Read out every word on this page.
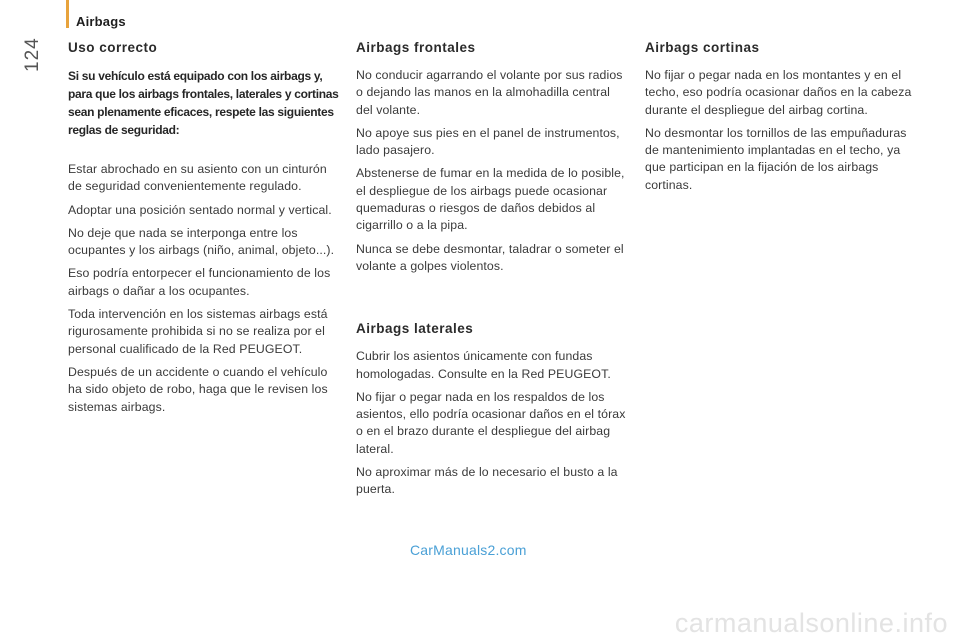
Airbags
124 Uso correcto
Si su vehículo está equipado con los airbags y, para que los airbags frontales, laterales y cortinas sean plenamente eficaces, respete las siguientes reglas de seguridad:

Estar abrochado en su asiento con un cinturón de seguridad convenientemente regulado.

Adoptar una posición sentado normal y vertical.

No deje que nada se interponga entre los ocupantes y los airbags (niño, animal, objeto...).

Eso podría entorpecer el funcionamiento de los airbags o dañar a los ocupantes.

Toda intervención en los sistemas airbags está rigurosamente prohibida si no se realiza por el personal cualificado de la Red PEUGEOT.

Después de un accidente o cuando el vehículo ha sido objeto de robo, haga que le revisen los sistemas airbags.

Airbags frontales

No conducir agarrando el volante por sus radios o dejando las manos en la almohadilla central del volante.

No apoye sus pies en el panel de instrumentos, lado pasajero.

Abstenerse de fumar en la medida de lo posible, el despliegue de los airbags puede ocasionar quemaduras o riesgos de daños debidos al cigarrillo o a la pipa.

Nunca se debe desmontar, taladrar o someter el volante a golpes violentos.

Airbags laterales

Cubrir los asientos únicamente con fundas homologadas. Consulte en la Red PEUGEOT.

No fijar o pegar nada en los respaldos de los asientos, ello podría ocasionar daños en el tórax o en el brazo durante el despliegue del airbag lateral.

No aproximar más de lo necesario el busto a la puerta.

Airbags cortinas

No fijar o pegar nada en los montantes y en el techo, eso podría ocasionar daños en la cabeza durante el despliegue del airbag cortina.

No desmontar los tornillos de las empuñaduras de mantenimiento implantadas en el techo, ya que participan en la fijación de los airbags cortinas.

CarManuals2.com
carmanualsonline.info
